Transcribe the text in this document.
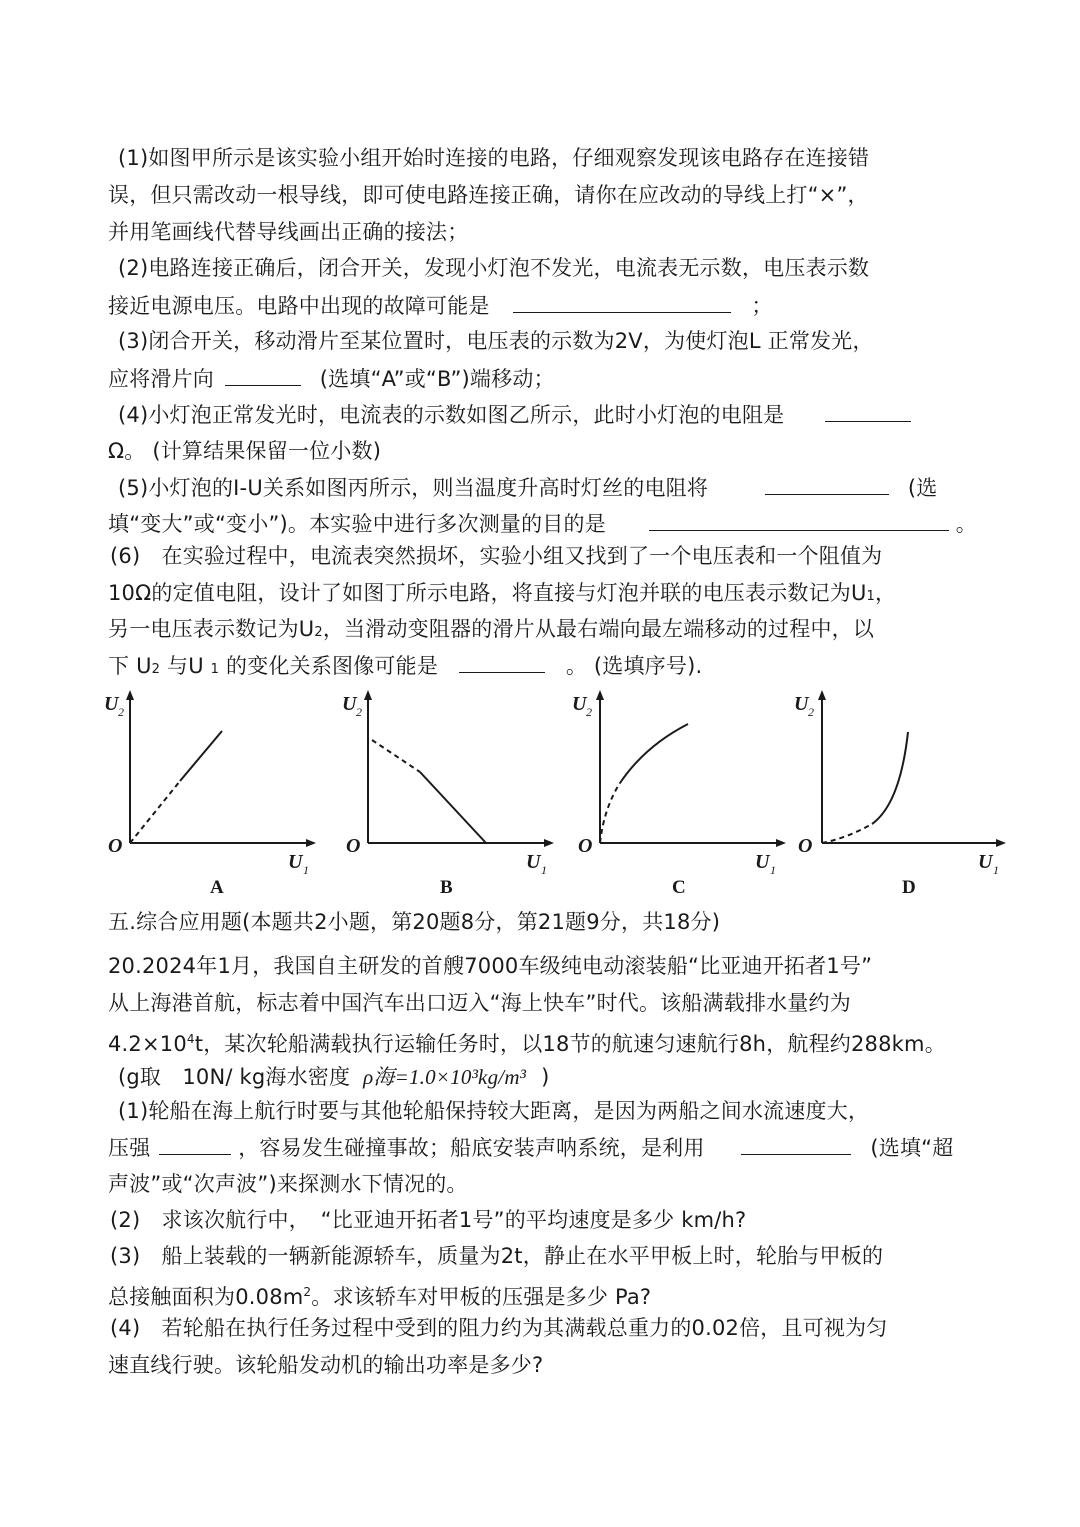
(1)如图甲所示是该实验小组开始时连接的电路，仔细观察发现该电路存在连接错
误，但只需改动一根导线，即可使电路连接正确，请你在应改动的导线上打“×”，
并用笔画线代替导线画出正确的接法；
(2)电路连接正确后，闭合开关，发现小灯泡不发光，电流表无示数，电压表示数
接近电源电压。电路中出现的故障可能是	；
(3)闭合开关，移动滑片至某位置时，电压表的示数为2V，为使灯泡L 正常发光，
应将滑片向	(选填“A”或“B”)端移动；
(4)小灯泡正常发光时，电流表的示数如图乙所示，此时小灯泡的电阻是
Ω。 (计算结果保留一位小数)
(5)小灯泡的I-U关系如图丙所示，则当温度升高时灯丝的电阻将	(选
填“变大”或“变小”)。本实验中进行多次测量的目的是	。
(6)　在实验过程中，电流表突然损坏，实验小组又找到了一个电压表和一个阻值为
10Ω的定值电阻，设计了如图丁所示电路，将直接与灯泡并联的电压表示数记为U1，
另一电压表示数记为U2，当滑动变阻器的滑片从最右端向最左端移动的过程中，以
下 U2 与U 1 的变化关系图像可能是	。 (选填序号).
U 2
O
U 1
A
U 2
O
U 1
B
U 2
O
U 1
C
U 2
O
U 1
D
五.综合应用题(本题共2小题，第20题8分，第21题9分，共18分)
20.2024年1月，我国自主研发的首艘7000车级纯电动滚装船“比亚迪开拓者1号”
从上海港首航，标志着中国汽车出口迈入“海上快车”时代。该船满载排水量约为
$4.2\times 10^4t$，某次轮船满载执行运输任务时，以18节的航速匀速航行8h，航程约288km。
(g取　10N/ kg海水密度 ρ海=1.0×10³kg/m³ )
(1)轮船在海上航行时要与其他轮船保持较大距离，是因为两船之间水流速度大，
压强	，容易发生碰撞事故；船底安装声呐系统，是利用	(选填“超
声波”或“次声波”)来探测水下情况的。
(2)　求该次航行中，　“比亚迪开拓者1号”的平均速度是多少 km/h?
(3)　船上装载的一辆新能源轿车，质量为2t，静止在水平甲板上时，轮胎与甲板的
总接触面积为$0.08m^2$。求该轿车对甲板的压强是多少 Pa?
(4)　若轮船在执行任务过程中受到的阻力约为其满载总重力的0.02倍，且可视为匀
速直线行驶。该轮船发动机的输出功率是多少?
